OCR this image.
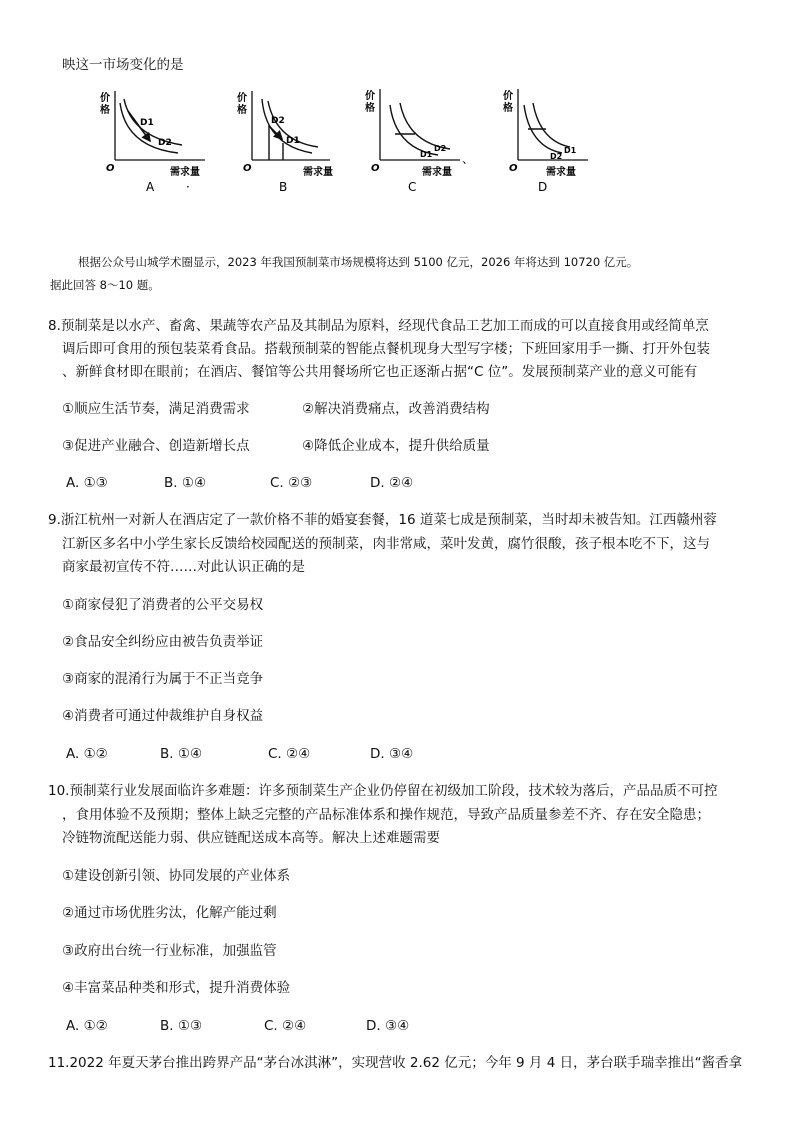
映这一市场变化的是
价
格
D1
D2
O	需求量
A	·
价
格
D2
D1
O	需求量
B
价
格
D1
D2
O
、
需求量
C
价
格
D2
D1
O	需求量
D
根据公众号山城学术圈显示，2023 年我国预制菜市场规模将达到 5100 亿元，2026 年将达到 10720 亿元。
据此回答 8～10 题。
8.预制菜是以水产、畜禽、果蔬等农产品及其制品为原料，经现代食品工艺加工而成的可以直接食用或经简单烹
调后即可食用的预包装菜肴食品。搭载预制菜的智能点餐机现身大型写字楼；下班回家用手一撕、打开外包装
、新鲜食材即在眼前；在酒店、餐馆等公共用餐场所它也正逐渐占据“C 位”。发展预制菜产业的意义可能有
①顺应生活节奏，满足消费需求	②解决消费痛点，改善消费结构
③促进产业融合、创造新增长点	④降低企业成本，提升供给质量
A. ①③	B. ①④	C. ②③	D. ②④
9.浙江杭州一对新人在酒店定了一款价格不菲的婚宴套餐，16 道菜七成是预制菜，当时却未被告知。江西赣州蓉
江新区多名中小学生家长反馈给校园配送的预制菜，肉非常咸，菜叶发黄，腐竹很酸，孩子根本吃不下，这与
商家最初宣传不符……对此认识正确的是
①商家侵犯了消费者的公平交易权
②食品安全纠纷应由被告负责举证
③商家的混淆行为属于不正当竞争
④消费者可通过仲裁维护自身权益
A. ①②	B. ①④	C. ②④	D. ③④
10.预制菜行业发展面临许多难题：许多预制菜生产企业仍停留在初级加工阶段，技术较为落后，产品品质不可控
，食用体验不及预期；整体上缺乏完整的产品标准体系和操作规范，导致产品质量参差不齐、存在安全隐患；
冷链物流配送能力弱、供应链配送成本高等。解决上述难题需要
①建设创新引领、协同发展的产业体系
②通过市场优胜劣汰，化解产能过剩
③政府出台统一行业标准，加强监管
④丰富菜品种类和形式，提升消费体验
A. ①②	B. ①③	C. ②④	D. ③④
11.2022 年夏天茅台推出跨界产品“茅台冰淇淋”，实现营收 2.62 亿元；今年 9 月 4 日，茅台联手瑞幸推出“酱香拿
